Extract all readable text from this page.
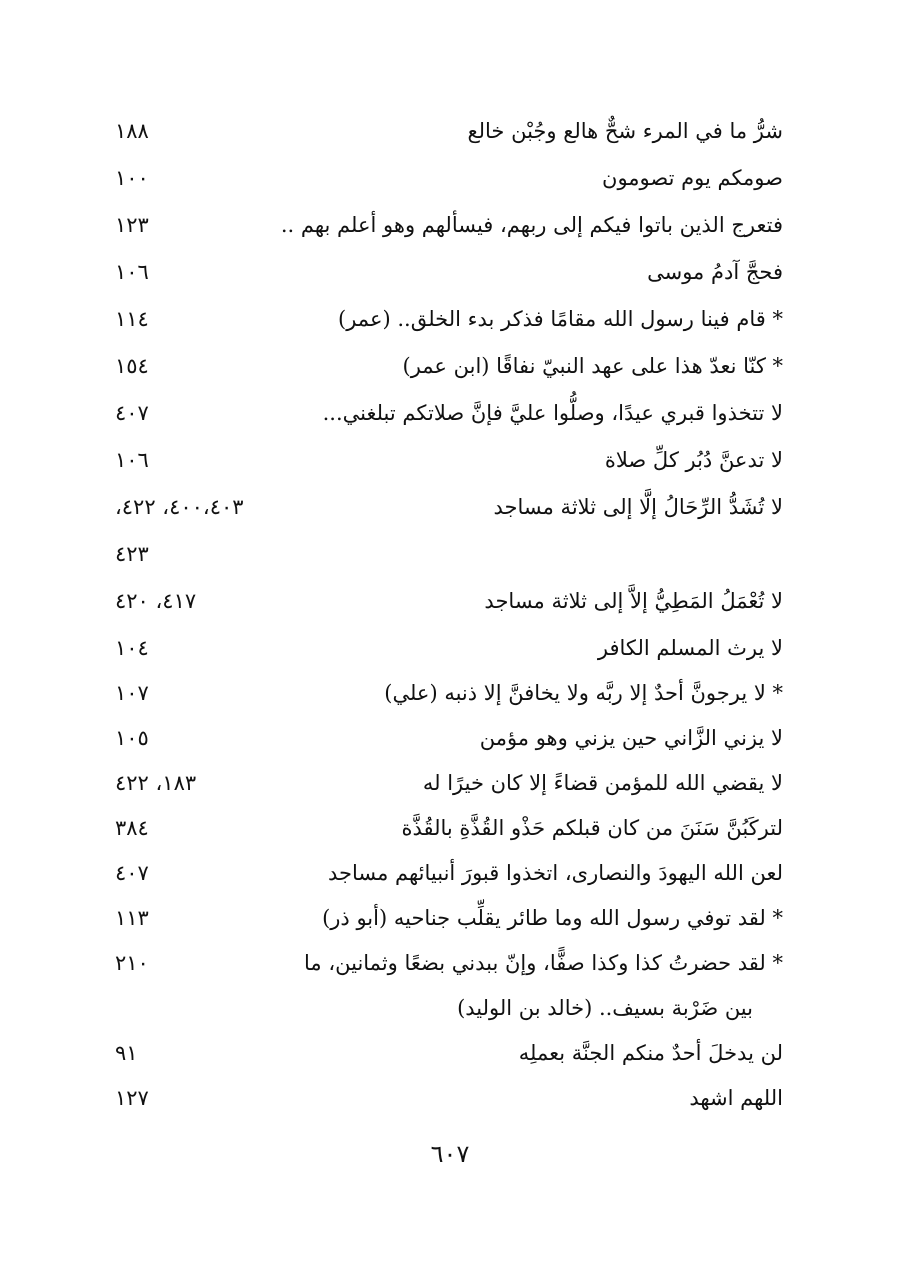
شرُّ ما في المرء شحٌّ هالع وجُبْن خالع
١٨٨
صومكم يوم تصومون
١٠٠
فتعرج الذين باتوا فيكم إلى ربهم، فيسألهم وهو أعلم بهم ..
١٢٣
فحجَّ آدمُ موسى
١٠٦
* قام فينا رسول الله مقامًا فذكر بدء الخلق.. (عمر)
١١٤
* كنّا نعدّ هذا على عهد النبيّ نفاقًا (ابن عمر)
١٥٤
لا تتخذوا قبري عيدًا، وصلُّوا عليَّ فإنَّ صلاتكم تبلغني...
٤٠٧
لا تدعنَّ دُبُر كلِّ صلاة
١٠٦
لا تُشَدُّ الرِّحَالُ إلَّا إلى ثلاثة مساجد
٤٠٠،٤٠٣، ٤٢٢،
٤٢٣
لا تُعْمَلُ المَطِيُّ إلاَّ إلى ثلاثة مساجد
٤١٧، ٤٢٠
لا يرث المسلم الكافر
١٠٤
* لا يرجونَّ أحدٌ إلا ربَّه ولا يخافنَّ إلا ذنبه (علي)
١٠٧
لا يزني الزَّاني حين يزني وهو مؤمن
١٠٥
لا يقضي الله للمؤمن قضاءً إلا كان خيرًا له
١٨٣، ٤٢٢
لتركَبُنَّ سَنَنَ من كان قبلكم حَذْو القُذَّةِ بالقُذَّة
٣٨٤
لعن الله اليهودَ والنصارى، اتخذوا قبورَ أنبيائهم مساجد
٤٠٧
* لقد توفي رسول الله وما طائر يقلِّب جناحيه (أبو ذر)
١١٣
* لقد حضرتُ كذا وكذا صفًّا، وإنّ ببدني بضعًا وثمانين، ما
٢١٠
بين ضَرْبة بسيف.. (خالد بن الوليد)
لن يدخلَ أحدٌ منكم الجنَّة بعملِه
٩١
اللهم اشهد
١٢٧
٦٠٧
